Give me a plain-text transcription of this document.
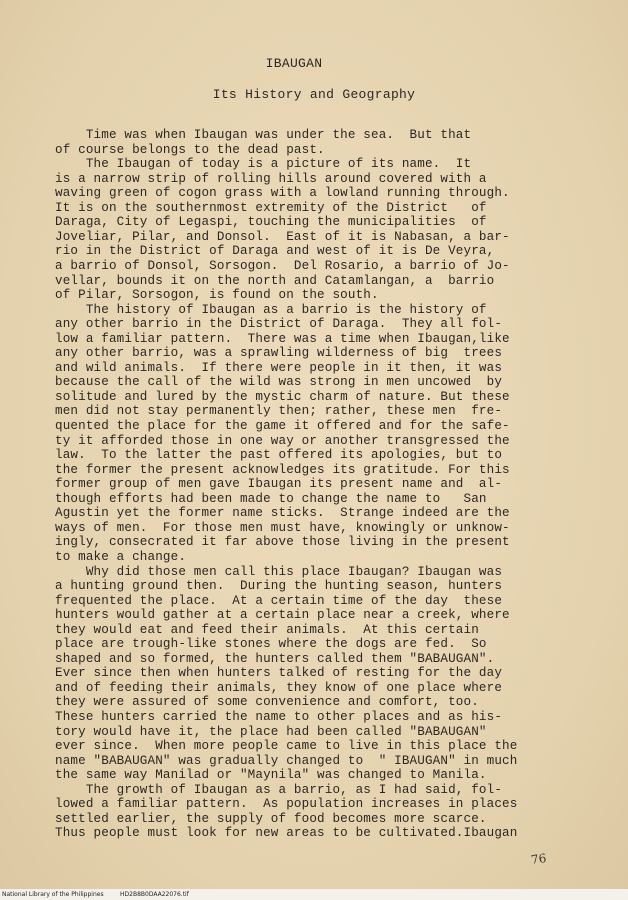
IBAUGAN
Its History and Geography
Time was when Ibaugan was under the sea.  But that
of course belongs to the dead past.
The Ibaugan of today is a picture of its name.  It
is a narrow strip of rolling hills around covered with a
waving green of cogon grass with a lowland running through.
It is on the southernmost extremity of the District   of
Daraga, City of Legaspi, touching the municipalities  of
Joveliar, Pilar, and Donsol.  East of it is Nabasan, a bar-
rio in the District of Daraga and west of it is De Veyra,
a barrio of Donsol, Sorsogon.  Del Rosario, a barrio of Jo-
vellar, bounds it on the north and Catamlangan, a  barrio
of Pilar, Sorsogon, is found on the south.
The history of Ibaugan as a barrio is the history of
any other barrio in the District of Daraga.  They all fol-
low a familiar pattern.  There was a time when Ibaugan,like
any other barrio, was a sprawling wilderness of big  trees
and wild animals.  If there were people in it then, it was
because the call of the wild was strong in men uncowed  by
solitude and lured by the mystic charm of nature. But these
men did not stay permanently then; rather, these men  fre-
quented the place for the game it offered and for the safe-
ty it afforded those in one way or another transgressed the
law.  To the latter the past offered its apologies, but to
the former the present acknowledges its gratitude. For this
former group of men gave Ibaugan its present name and  al-
though efforts had been made to change the name to   San
Agustin yet the former name sticks.  Strange indeed are the
ways of men.  For those men must have, knowingly or unknow-
ingly, consecrated it far above those living in the present
to make a change.
Why did those men call this place Ibaugan? Ibaugan was
a hunting ground then.  During the hunting season, hunters
frequented the place.  At a certain time of the day  these
hunters would gather at a certain place near a creek, where
they would eat and feed their animals.  At this certain
place are trough-like stones where the dogs are fed.  So
shaped and so formed, the hunters called them "BABAUGAN".
Ever since then when hunters talked of resting for the day
and of feeding their animals, they know of one place where
they were assured of some convenience and comfort, too.
These hunters carried the name to other places and as his-
tory would have it, the place had been called "BABAUGAN"
ever since.  When more people came to live in this place the
name "BABAUGAN" was gradually changed to  " IBAUGAN" in much
the same way Manilad or "Maynila" was changed to Manila.
The growth of Ibaugan as a barrio, as I had said, fol-
lowed a familiar pattern.  As population increases in places
settled earlier, the supply of food becomes more scarce.
Thus people must look for new areas to be cultivated.Ibaugan
76
National Library of the Philippines	HD2B8B0DAA22076.tif
